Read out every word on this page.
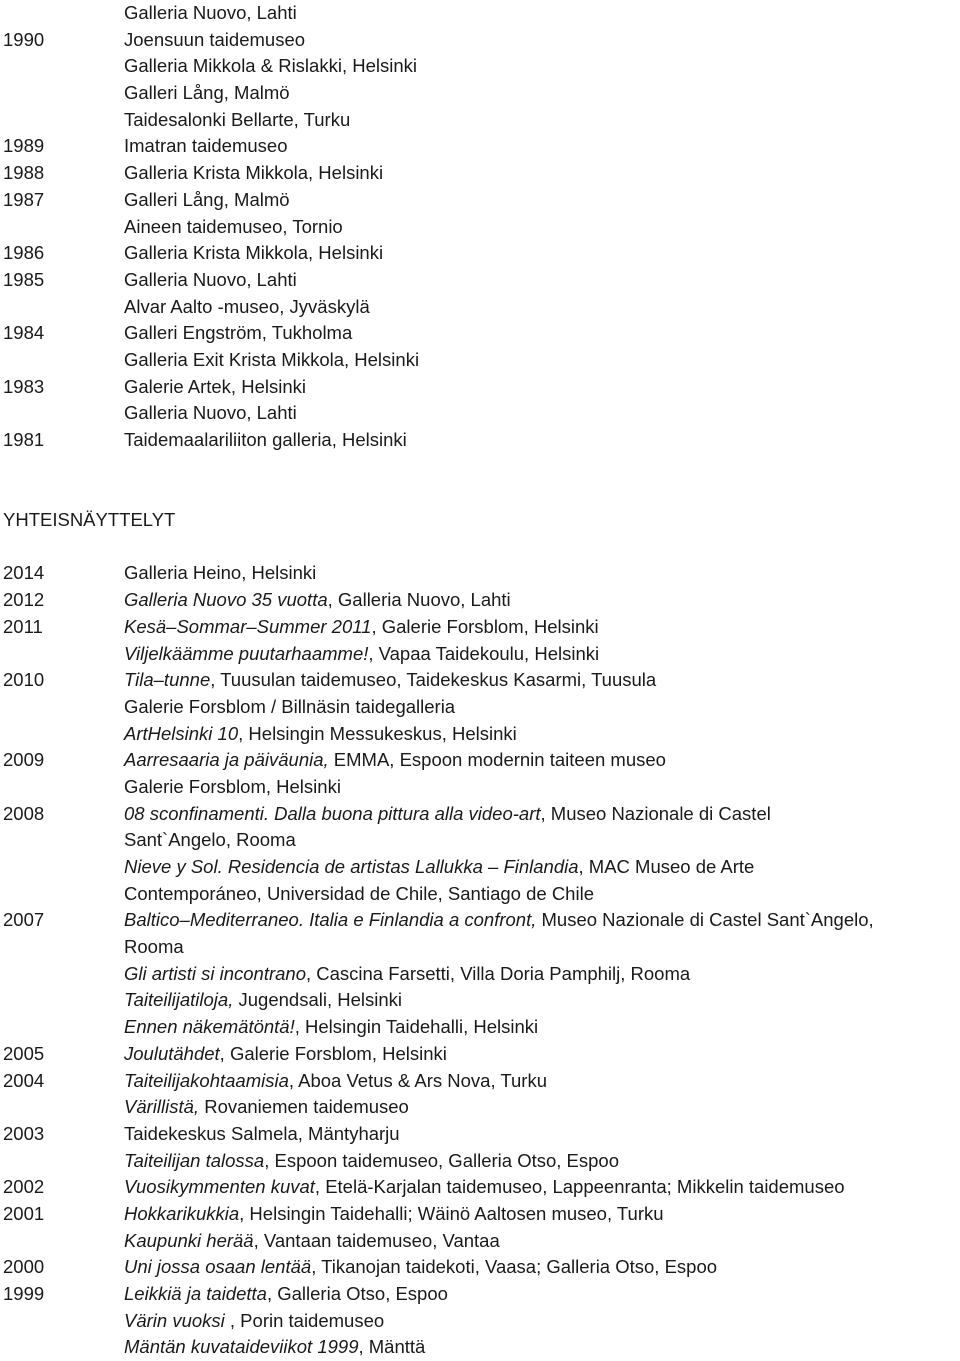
Galleria Nuovo, Lahti
1990	Joensuun taidemuseo
Galleria Mikkola & Rislakki, Helsinki
Galleri Lång, Malmö
Taidesalonki Bellarte, Turku
1989	Imatran taidemuseo
1988	Galleria Krista Mikkola, Helsinki
1987	Galleri Lång, Malmö
Aineen taidemuseo, Tornio
1986	Galleria Krista Mikkola, Helsinki
1985	Galleria Nuovo, Lahti
Alvar Aalto -museo, Jyväskylä
1984	Galleri Engström, Tukholma
Galleria Exit Krista Mikkola, Helsinki
1983	Galerie Artek, Helsinki
Galleria Nuovo, Lahti
1981	Taidemaalariliiton galleria, Helsinki
YHTEISNÄYTTELYT
2014	Galleria Heino, Helsinki
2012	Galleria Nuovo 35 vuotta, Galleria Nuovo, Lahti
2011	Kesä–Sommar–Summer 2011, Galerie Forsblom, Helsinki
Viljelkäämme puutarhaamme!, Vapaa Taidekoulu, Helsinki
2010	Tila–tunne, Tuusulan taidemuseo, Taidekeskus Kasarmi, Tuusula
Galerie Forsblom / Billnäsin taidegalleria
ArtHelsinki 10, Helsingin Messukeskus, Helsinki
2009	Aarresaaria ja päiväunia, EMMA, Espoon modernin taiteen museo
Galerie Forsblom, Helsinki
2008	08 sconfinamenti. Dalla buona pittura alla video-art, Museo Nazionale di Castel
Sant`Angelo, Rooma
Nieve y Sol. Residencia de artistas Lallukka – Finlandia, MAC Museo de Arte
Contemporáneo, Universidad de Chile, Santiago de Chile
2007	Baltico–Mediterraneo. Italia e Finlandia a confront, Museo Nazionale di Castel Sant`Angelo,
Rooma
Gli artisti si incontrano, Cascina Farsetti, Villa Doria Pamphilj, Rooma
Taiteilijatiloja, Jugendsali, Helsinki
Ennen näkemätöntä!, Helsingin Taidehalli, Helsinki
2005	Joulutähdet, Galerie Forsblom, Helsinki
2004	Taiteilijakohtaamisia, Aboa Vetus & Ars Nova, Turku
Värillistä, Rovaniemen taidemuseo
2003	Taidekeskus Salmela, Mäntyharju
Taiteilijan talossa, Espoon taidemuseo, Galleria Otso, Espoo
2002	Vuosikymmenten kuvat, Etelä-Karjalan taidemuseo, Lappeenranta; Mikkelin taidemuseo
2001	Hokkarikukkia, Helsingin Taidehalli; Wäinö Aaltosen museo, Turku
Kaupunki herää, Vantaan taidemuseo, Vantaa
2000	Uni jossa osaan lentää, Tikanojan taidekoti, Vaasa; Galleria Otso, Espoo
1999	Leikkiä ja taidetta, Galleria Otso, Espoo
Värin vuoksi , Porin taidemuseo
Mäntän kuvataideviikot 1999, Mänttä
